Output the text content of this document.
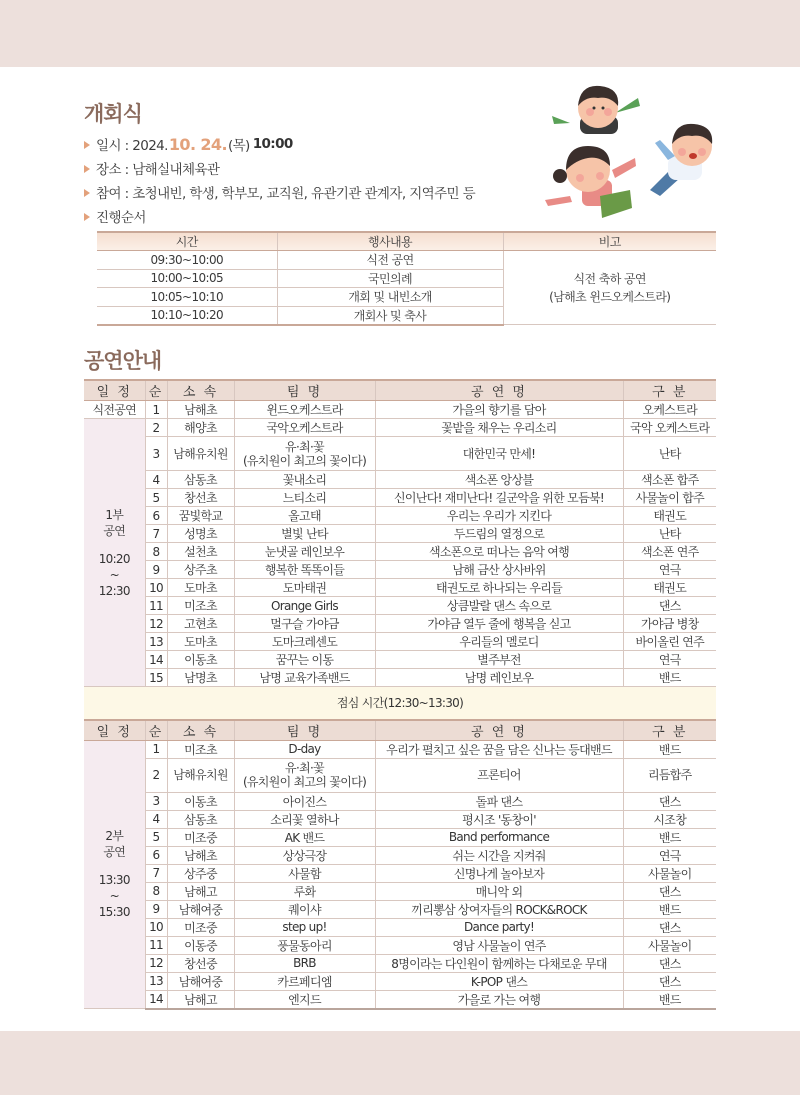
개회식
일시 : 2024. 10. 24. (목) 10:00
장소 : 남해실내체육관
참여 : 초청내빈, 학생, 학부모, 교직원, 유관기관 관계자, 지역주민 등
진행순서
시간	행사내용	비고
09:30~10:00	식전 공연	식전 축하 공연
(남해초 윈드오케스트라)

10:00~10:05	국민의례	
10:05~10:10	개회 및 내빈소개	
10:10~10:20	개회사 및 축사	
공연안내
일 정	순	소 속	팀 명	공 연 명	구 분
식전공연	1	남해초	윈드오케스트라	가을의 향기를 담아	오케스트라

1부
공연
10:20
~
12:30	2	해양초	국악오케스트라	꽃밭을 채우는 우리소리	국악 오케스트라
	3	남해유치원	유·최·꽃
(유치원이 최고의 꽃이다)	대한민국 만세!	난타
	4	삼동초	꽃내소리	색소폰 앙상블	색소폰 합주
	5	창선초	느티소리	신이난다! 재미난다! 길군악을 위한 모듬북!	사물놀이 합주
	6	꿈빛학교	올고태	우리는 우리가 지킨다	태권도
	7	성명초	별빛 난타	두드림의 열정으로	난타
	8	설천초	눈냇골 레인보우	색소폰으로 떠나는 음악 여행	색소폰 연주
	9	상주초	행복한 똑똑이들	남해 금산 상사바위	연극
	10	도마초	도마태권	태권도로 하나되는 우리들	태권도
	11	미조초	Orange Girls	상큼발랄 댄스 속으로	댄스
	12	고현초	멀구슬 가야금	가야금 열두 줄에 행복을 싣고	가야금 병창
	13	도마초	도마크레센도	우리들의 멜로디	바이올린 연주
	14	이동초	꿈꾸는 이동	별주부전	연극
	15	남명초	남명 교육가족밴드	남명 레인보우	밴드
점심 시간(12:30~13:30)					
일 정	순	소 속	팀 명	공 연 명	구 분

2부
공연
13:30
~
15:30	1	미조초	D-day	우리가 펼치고 싶은 꿈을 담은 신나는 등대밴드	밴드
	2	남해유치원	유·최·꽃
(유치원이 최고의 꽃이다)	프론티어	리듬합주
	3	이동초	아이진스	돌파 댄스	댄스
	4	삼동초	소리꽃 열하나	평시조 '동창이'	시조창
	5	미조중	AK 밴드	Band performance	밴드
	6	남해초	상상극장	쉬는 시간을 지켜줘	연극
	7	상주중	사물함	신명나게 놀아보자	사물놀이
	8	남해고	루화	매니악 외	댄스
	9	남해여중	퀘이샤	끼리뽕삼 상여자들의 ROCK&ROCK	밴드
	10	미조중	step up!	Dance party!	댄스
	11	이동중	풍물동아리	영남 사물놀이 연주	사물놀이
	12	창선중	BRB	8명이라는 다인원이 함께하는 다채로운 무대	댄스
	13	남해여중	카르페디엠	K-POP 댄스	댄스
	14	남해고	엔지드	가을로 가는 여행	밴드
